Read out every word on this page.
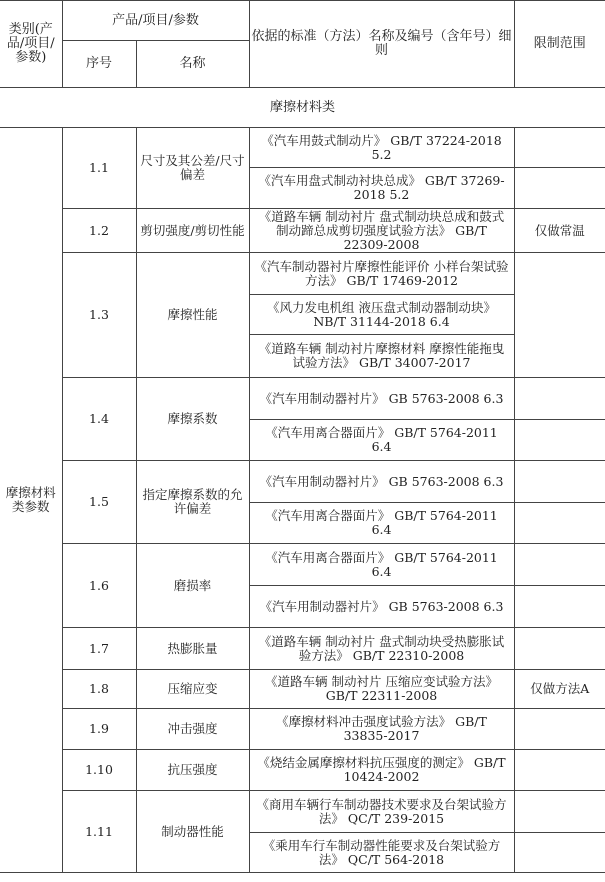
类别(产品/项目/参数)	产品/项目/参数		依据的标准（方法）名称及编号（含年号）细则	限制范围
	序号	名称		
摩擦材料类				
摩擦材料类参数	1.1	尺寸及其公差/尺寸偏差	《汽车用鼓式制动片》 GB/T 37224-2018 5.2	
			《汽车用盘式制动衬块总成》 GB/T 37269-2018 5.2	
	1.2	剪切强度/剪切性能	《道路车辆 制动衬片 盘式制动块总成和鼓式制动蹄总成剪切强度试验方法》 GB/T 22309-2008	仅做常温
	1.3	摩擦性能	《汽车制动器衬片摩擦性能评价 小样台架试验方法》 GB/T 17469-2012	
			《风力发电机组 液压盘式制动器制动块》 NB/T 31144-2018 6.4	
			《道路车辆 制动衬片摩擦材料 摩擦性能拖曳试验方法》 GB/T 34007-2017	
	1.4	摩擦系数	《汽车用制动器衬片》 GB 5763-2008 6.3	
			《汽车用离合器面片》 GB/T 5764-2011 6.4	
	1.5	指定摩擦系数的允许偏差	《汽车用制动器衬片》 GB 5763-2008 6.3	
			《汽车用离合器面片》 GB/T 5764-2011 6.4	
	1.6	磨损率	《汽车用离合器面片》 GB/T 5764-2011 6.4	
			《汽车用制动器衬片》 GB 5763-2008 6.3	
	1.7	热膨胀量	《道路车辆 制动衬片 盘式制动块受热膨胀试验方法》 GB/T 22310-2008	
	1.8	压缩应变	《道路车辆 制动衬片 压缩应变试验方法》 GB/T 22311-2008	仅做方法A
	1.9	冲击强度	《摩擦材料冲击强度试验方法》 GB/T 33835-2017	
	1.10	抗压强度	《烧结金属摩擦材料抗压强度的测定》 GB/T 10424-2002	
	1.11	制动器性能	《商用车辆行车制动器技术要求及台架试验方法》 QC/T 239-2015	
			《乘用车行车制动器性能要求及台架试验方法》 QC/T 564-2018	
